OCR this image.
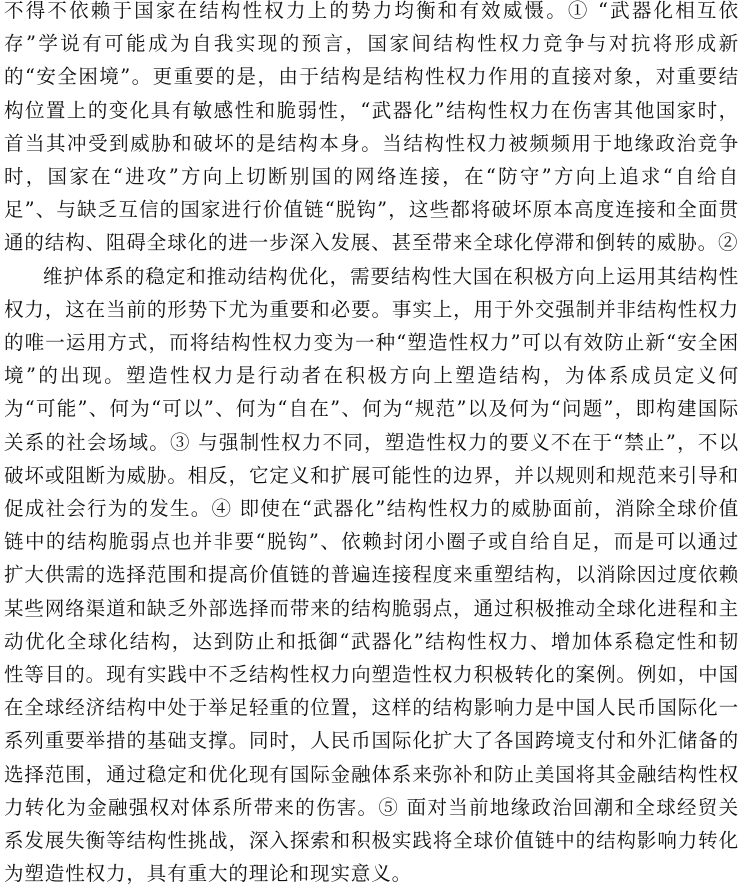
不得不依赖于国家在结构性权力上的势力均衡和有效威慑。① “武器化相互依存”学说有可能成为自我实现的预言，国家间结构性权力竞争与对抗将形成新的“安全困境”。更重要的是，由于结构是结构性权力作用的直接对象，对重要结构位置上的变化具有敏感性和脆弱性，“武器化”结构性权力在伤害其他国家时，首当其冲受到威胁和破坏的是结构本身。当结构性权力被频频用于地缘政治竞争时，国家在“进攻”方向上切断别国的网络连接，在“防守”方向上追求“自给自足”、与缺乏互信的国家进行价值链“脱钩”，这些都将破坏原本高度连接和全面贯通的结构、阻碍全球化的进一步深入发展、甚至带来全球化停滞和倒转的威胁。②

维护体系的稳定和推动结构优化，需要结构性大国在积极方向上运用其结构性权力，这在当前的形势下尤为重要和必要。事实上，用于外交强制并非结构性权力的唯一运用方式，而将结构性权力变为一种“塑造性权力”可以有效防止新“安全困境”的出现。塑造性权力是行动者在积极方向上塑造结构，为体系成员定义何为“可能”、何为“可以”、何为“自在”、何为“规范”以及何为“问题”，即构建国际关系的社会场域。③ 与强制性权力不同，塑造性权力的要义不在于“禁止”，不以破坏或阻断为威胁。相反，它定义和扩展可能性的边界，并以规则和规范来引导和促成社会行为的发生。④ 即使在“武器化”结构性权力的威胁面前，消除全球价值链中的结构脆弱点也并非要“脱钩”、依赖封闭小圈子或自给自足，而是可以通过扩大供需的选择范围和提高价值链的普遍连接程度来重塑结构，以消除因过度依赖某些网络渠道和缺乏外部选择而带来的结构脆弱点，通过积极推动全球化进程和主动优化全球化结构，达到防止和抵御“武器化”结构性权力、增加体系稳定性和韧性等目的。现有实践中不乏结构性权力向塑造性权力积极转化的案例。例如，中国在全球经济结构中处于举足轻重的位置，这样的结构影响力是中国人民币国际化一系列重要举措的基础支撑。同时，人民币国际化扩大了各国跨境支付和外汇储备的选择范围，通过稳定和优化现有国际金融体系来弥补和防止美国将其金融结构性权力转化为金融强权对体系所带来的伤害。⑤ 面对当前地缘政治回潮和全球经贸关系发展失衡等结构性挑战，深入探索和积极实践将全球价值链中的结构影响力转化为塑造性权力，具有重大的理论和现实意义。
